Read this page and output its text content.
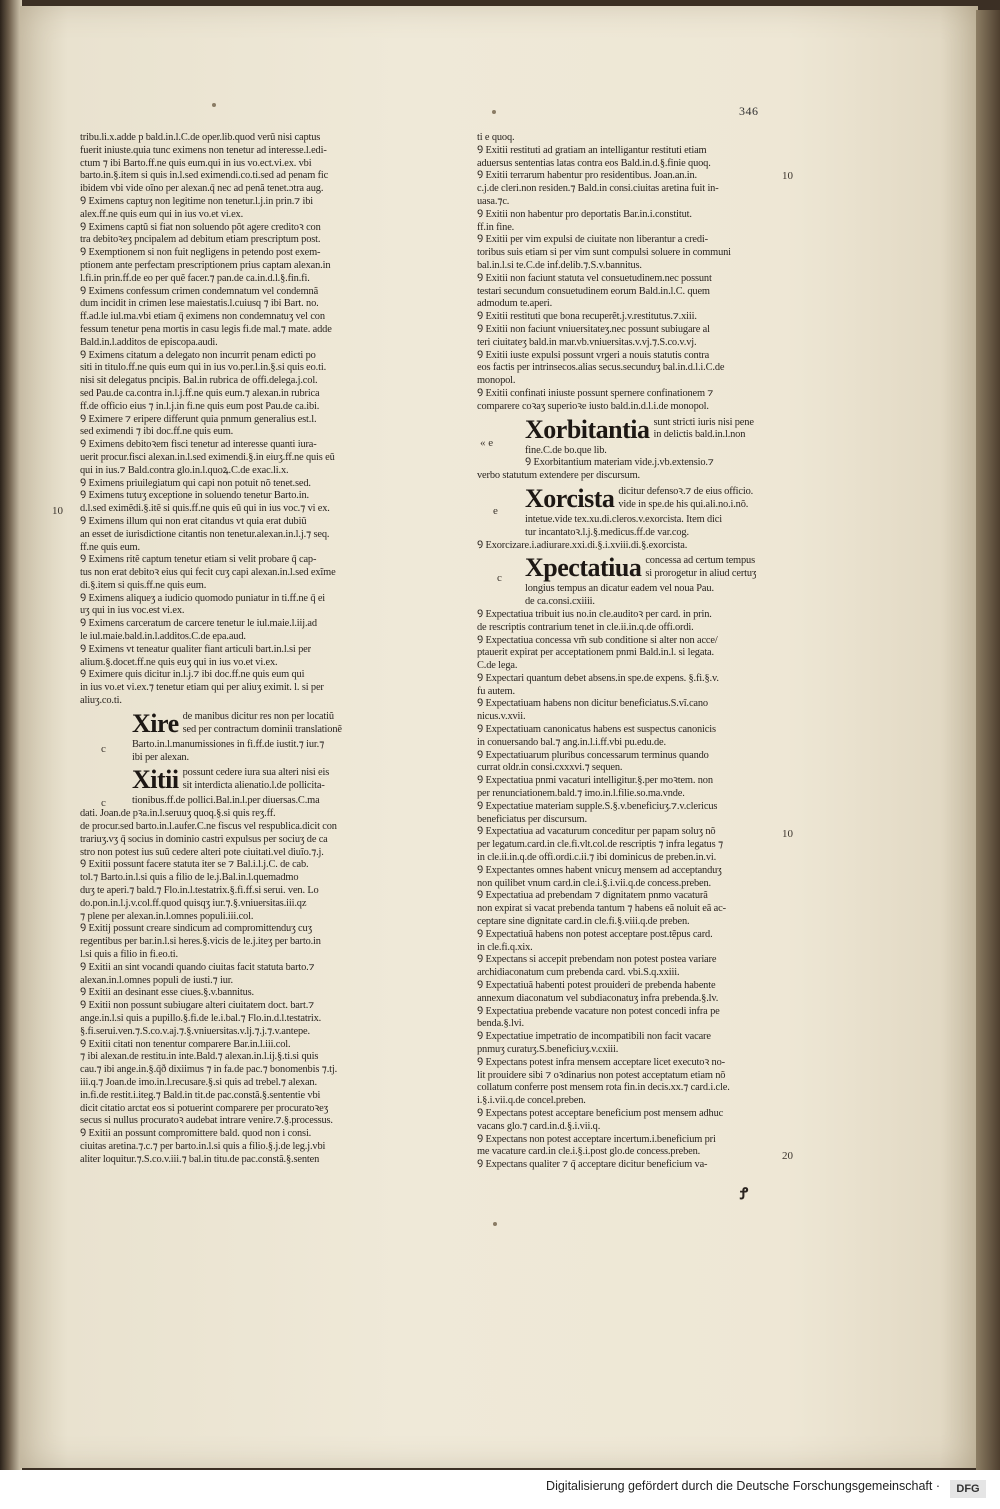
346
10
c
c
10
« e
e
c
10
20

tribu.li.x.adde p bald.in.l.C.de oper.lib.quod verũ nisi captus

fuerit iniuste.quia tunc eximens non tenetur ad interesse.l.edi-

ctum ⁊ ibi Barto.ff.ne quis eum.qui in ius vo.ect.vi.ex. vbi

barto.in.§.item si quis in.l.sed eximendi.co.ti.sed ad penam fic

ibidem vbi vide oĩno per alexan.q̄ nec ad penã tenet.ɔtra aug.

Ꝯ Eximens captuʒ non legitime non tenetur.l.j.in prin.⁊ ibi

alex.ff.ne quis eum qui in ius vo.et vi.ex.

Ꝯ Eximens captũ si fiat non soluendo põt agere creditoꝛ con

tra debitoꝛeʒ pncipalem ad debitum etiam prescriptum post.

Ꝯ Exemptionem si non fuit negligens in petendo post exem-

ptionem ante perfectam prescriptionem prius captam alexan.in

l.fi.in prin.ff.de eo per quẽ facer.⁊ pan.de ca.in.d.l.§.fin.fi.

Ꝯ Eximens confessum crimen condemnatum vel condemnã

dum incidit in crimen lese maiestatis.l.cuiusq ⁊ ibi Bart. no.

ff.ad.le iul.ma.vbi etiam q̄ eximens non condemnatuʒ vel con

fessum tenetur pena mortis in casu legis fi.de mal.⁊ mate. adde

Bald.in.l.additos de episcopa.audi.

Ꝯ Eximens citatum a delegato non incurrit penam edicti po

siti in titulo.ff.ne quis eum qui in ius vo.per.l.in.§.si quis eo.ti.

nisi sit delegatus pncipis. Bal.in rubrica de offi.delega.j.col.

sed Pau.de ca.contra in.l.j.ff.ne quis eum.⁊ alexan.in rubrica

ff.de officio eius ⁊ in.l.j.in fi.ne quis eum post Pau.de ca.ibi.

Ꝯ Eximere ⁊ eripere differunt quia pnmum generalius est.l.

sed eximendi ⁊ ibi doc.ff.ne quis eum.

Ꝯ Eximens debitoꝛem fisci tenetur ad interesse quanti iura-

uerit procur.fisci alexan.in.l.sed eximendi.§.in eiuʒ.ff.ne quis eũ

qui in ius.⁊ Bald.contra glo.in.l.quoꝝ.C.de exac.li.x.

Ꝯ Eximens priuilegiatum qui capi non potuit nõ tenet.sed.

Ꝯ Eximens tutuʒ exceptione in soluendo tenetur Barto.in.

d.l.sed eximẽdi.§.itẽ si quis.ff.ne quis eũ qui in ius voc.⁊ vi ex.

Ꝯ Eximens illum qui non erat citandus vt quia erat dubiũ

an esset de iurisdictione citantis non tenetur.alexan.in.l.j.⁊ seq.

ff.ne quis eum.

Ꝯ Eximens ritẽ captum tenetur etiam si velit probare q̄ cap-

tus non erat debitoꝛ eius qui fecit cuʒ capi alexan.in.l.sed exĩme

di.§.item si quis.ff.ne quis eum.

Ꝯ Eximens aliqueʒ a iudicio quomodo puniatur in ti.ff.ne q̄ ei

uʒ qui in ius voc.est vi.ex.

Ꝯ Eximens carceratum de carcere tenetur le iul.maie.l.iij.ad

le iul.maie.bald.in.l.additos.C.de epa.aud.

Ꝯ Eximens vt teneatur qualiter fiant articuli bart.in.l.si per

alium.§.docet.ff.ne quis euʒ qui in ius vo.et vi.ex.

Ꝯ Eximere quis dicitur in.l.j.⁊ ibi doc.ff.ne quis eum qui

in ius vo.et vi.ex.⁊ tenetur etiam qui per aliuʒ eximit. l. si per

aliuʒ.co.ti.

Xire de manibus dicitur res non per locatiũ

sed per contractum dominii translationẽ

Barto.in.l.manumissiones in fi.ff.de iustit.⁊ iur.⁊

ibi per alexan.

Xitii possunt cedere iura sua alteri nisi eis

sit interdicta alienatio.l.de pollicita-

tionibus.ff.de pollici.Bal.in.l.per diuersas.C.ma

dati. Joan.de pꝛa.in.l.seruuʒ quoq.§.si quis reʒ.ff.

de procur.sed barto.in.l.aufer.C.ne fiscus vel respublica.dicit con

trariuʒ.vʒ q̄ socius in dominio castri expulsus per sociuʒ de ca

stro non potest ius suũ cedere alteri pote ciuitati.vel diuĩo.⁊.j.

Ꝯ Exitii possunt facere statuta iter se ⁊ Bal.i.l.j.C. de cab.

tol.⁊ Barto.in.l.si quis a filio de le.j.Bal.in.l.quemadmo

duʒ te aperi.⁊ bald.⁊ Flo.in.l.testatrix.§.fi.ff.si serui. ven. Lo

do.pon.in.l.j.v.col.ff.quod quisqʒ iur.⁊.§.vniuersitas.iii.qz

⁊ plene per alexan.in.l.omnes populi.iii.col.

Ꝯ Exitij possunt creare sindicum ad compromittenduʒ cuʒ

regentibus per bar.in.l.si heres.§.vicis de le.j.iteʒ per barto.in

l.si quis a filio in fi.eo.ti.

Ꝯ Exitii an sint vocandi quando ciuitas facit statuta barto.⁊

alexan.in.l.omnes populi de iusti.⁊ iur.

Ꝯ Exitii an desinant esse ciues.§.v.bannitus.

Ꝯ Exitii non possunt subiugare alteri ciuitatem doct. bart.⁊

ange.in.l.si quis a pupillo.§.fi.de le.i.bal.⁊ Flo.in.d.l.testatrix.

§.fi.serui.ven.⁊.S.co.v.aj.⁊.§.vniuersitas.v.lj.⁊.j.⁊.v.antepe.

Ꝯ Exitii citati non tenentur comparere Bar.in.l.iii.col.

⁊ ibi alexan.de restitu.in inte.Bald.⁊ alexan.in.l.ij.§.ti.si quis

cau.⁊ ibi ange.in.§.q̄ð dixiimus ⁊ in fa.de pac.⁊ bonomenbis ⁊.tj.

iii.q.⁊ Joan.de imo.in.l.recusare.§.si quis ad trebel.⁊ alexan.

in.fi.de restit.i.iteg.⁊ Bald.in tit.de pac.constã.§.sententie vbi

dicit citatio arctat eos si potuerint comparere per procuratoꝛeʒ

secus si nullus procuratoꝛ audebat intrare venire.⁊.§.processus.

Ꝯ Exitii an possunt compromittere bald. quod non i consi.

ciuitas aretina.⁊.c.⁊ per barto.in.l.si quis a filio.§.j.de leg.j.vbi

aliter loquitur.⁊.S.co.v.iii.⁊ bal.in titu.de pac.constã.§.senten

ti e quoq.

Ꝯ Exitii restituti ad gratiam an intelligantur restituti etiam

aduersus sententias latas contra eos Bald.in.d.§.finie quoq.

Ꝯ Exitii terrarum habentur pro residentibus. Joan.an.in.

c.j.de cleri.non residen.⁊ Bald.in consi.ciuitas aretina fuit in-

uasa.⁊c.

Ꝯ Exitii non habentur pro deportatis Bar.in.i.constitut.

ff.in fine.

Ꝯ Exitii per vim expulsi de ciuitate non liberantur a credi-

toribus suis etiam si per vim sunt compulsi soluere in communi

bal.in.l.si te.C.de inf.delib.⁊.S.v.bannitus.

Ꝯ Exitii non faciunt statuta vel consuetudinem.nec possunt

testari secundum consuetudinem eorum Bald.in.l.C. quem

admodum te.aperi.

Ꝯ Exitii restituti que bona recuperẽt.j.v.restitutus.⁊.xiii.

Ꝯ Exitii non faciunt vniuersitateʒ.nec possunt subiugare al

teri ciuitateʒ bald.in mar.vb.vniuersitas.v.vj.⁊.S.co.v.vj.

Ꝯ Exitii iuste expulsi possunt vrgeri a nouis statutis contra

eos factis per intrinsecos.alias secus.secunduʒ bal.in.d.l.i.C.de

monopol.

Ꝯ Exitii confinati iniuste possunt spernere confinationem ⁊

comparere coꝛaʒ superioꝛe iusto bald.in.d.l.i.de monopol.

Xorbitantia sunt stricti iuris nisi pene

in delictis bald.in.l.non

fine.C.de bo.que lib.

Ꝯ Exorbitantium materiam vide.j.vb.extensio.⁊

verbo statutum extendere per discursum.

Xorcista dicitur defensoꝛ.⁊ de eius officio.

vide in spe.de his qui.ali.no.i.nõ.

intetue.vide tex.xu.di.cleros.v.exorcista. Item dici

tur incantatoꝛ.l.j.§.medicus.ff.de var.cog.

Ꝯ Exorcizare.i.adiurare.xxi.di.§.i.xviii.di.§.exorcista.

Xpectatiua concessa ad certum tempus

si prorogetur in aliud certuʒ

longius tempus an dicatur eadem vel noua Pau.

de ca.consi.cxiiii.

Ꝯ Expectatiua tribuit ius no.in cle.auditoꝛ per card. in prin.

de rescriptis contrarium tenet in cle.ii.in.q.de offi.ordi.

Ꝯ Expectatiua concessa vm̃ sub conditione si alter non acce/

ptauerit expirat per acceptationem pnmi Bald.in.l. si legata.

C.de lega.

Ꝯ Expectari quantum debet absens.in spe.de expens. §.fi.§.v.

fu autem.

Ꝯ Expectatiuam habens non dicitur beneficiatus.S.vĩ.cano

nicus.v.xvii.

Ꝯ Expectatiuam canonicatus habens est suspectus canonicis

in conuersando bal.⁊ ang.in.l.i.ff.vbi pu.edu.de.

Ꝯ Expectatiuarum pluribus concessarum terminus quando

currat oldr.in consi.cxxxvi.⁊ sequen.

Ꝯ Expectatiua pnmi vacaturi intelligitur.§.per moꝛtem. non

per renunciationem.bald.⁊ imo.in.l.filie.so.ma.vnde.

Ꝯ Expectatiue materiam supple.S.§.v.beneficiuʒ.⁊.v.clericus

beneficiatus per discursum.

Ꝯ Expectatiua ad vacaturum conceditur per papam soluʒ nõ

per legatum.card.in cle.fi.vlt.col.de rescriptis ⁊ infra legatus ⁊

in cle.ii.in.q.de offi.ordi.c.ii.⁊ ibi dominicus de preben.in.vi.

Ꝯ Expectantes omnes habent vnicuʒ mensem ad acceptanduʒ

non quilibet vnum card.in cle.i.§.i.vii.q.de concess.preben.

Ꝯ Expectatiua ad prebendam ⁊ dignitatem pnmo vacaturã

non expirat si vacat prebenda tantum ⁊ habens eã noluit eã ac-

ceptare sine dignitate card.in cle.fi.§.viii.q.de preben.

Ꝯ Expectatiuã habens non potest acceptare post.tẽpus card.

in cle.fi.q.xix.

Ꝯ Expectans si accepit prebendam non potest postea variare

archidiaconatum cum prebenda card. vbi.S.q.xxiii.

Ꝯ Expectatiuã habenti potest prouideri de prebenda habente

annexum diaconatum vel subdiaconatuʒ infra prebenda.§.lv.

Ꝯ Expectatiua prebende vacature non potest concedi infra pe

benda.§.lvi.

Ꝯ Expectatiue impetratio de incompatibili non facit vacare

pnmuʒ curatuʒ.S.beneficiuʒ.v.cxiii.

Ꝯ Expectans potest infra mensem acceptare licet executoꝛ no-

lit prouidere sibi ⁊ oꝛdinarius non potest acceptatum etiam nõ

collatum conferre post mensem rota fin.in decis.xx.⁊ card.i.cle.

i.§.i.vii.q.de concel.preben.

Ꝯ Expectans potest acceptare beneficium post mensem adhuc

vacans glo.⁊ card.in.d.§.i.vii.q.

Ꝯ Expectans non potest acceptare incertum.i.beneficium pri

me vacature card.in cle.i.§.i.post glo.de concess.preben.

Ꝯ Expectans qualiter ⁊ q̃ acceptare dicitur beneficium va-

Ꝭ
Digitalisierung gefördert durch die Deutsche Forschungsgemeinschaft ·	DFG
